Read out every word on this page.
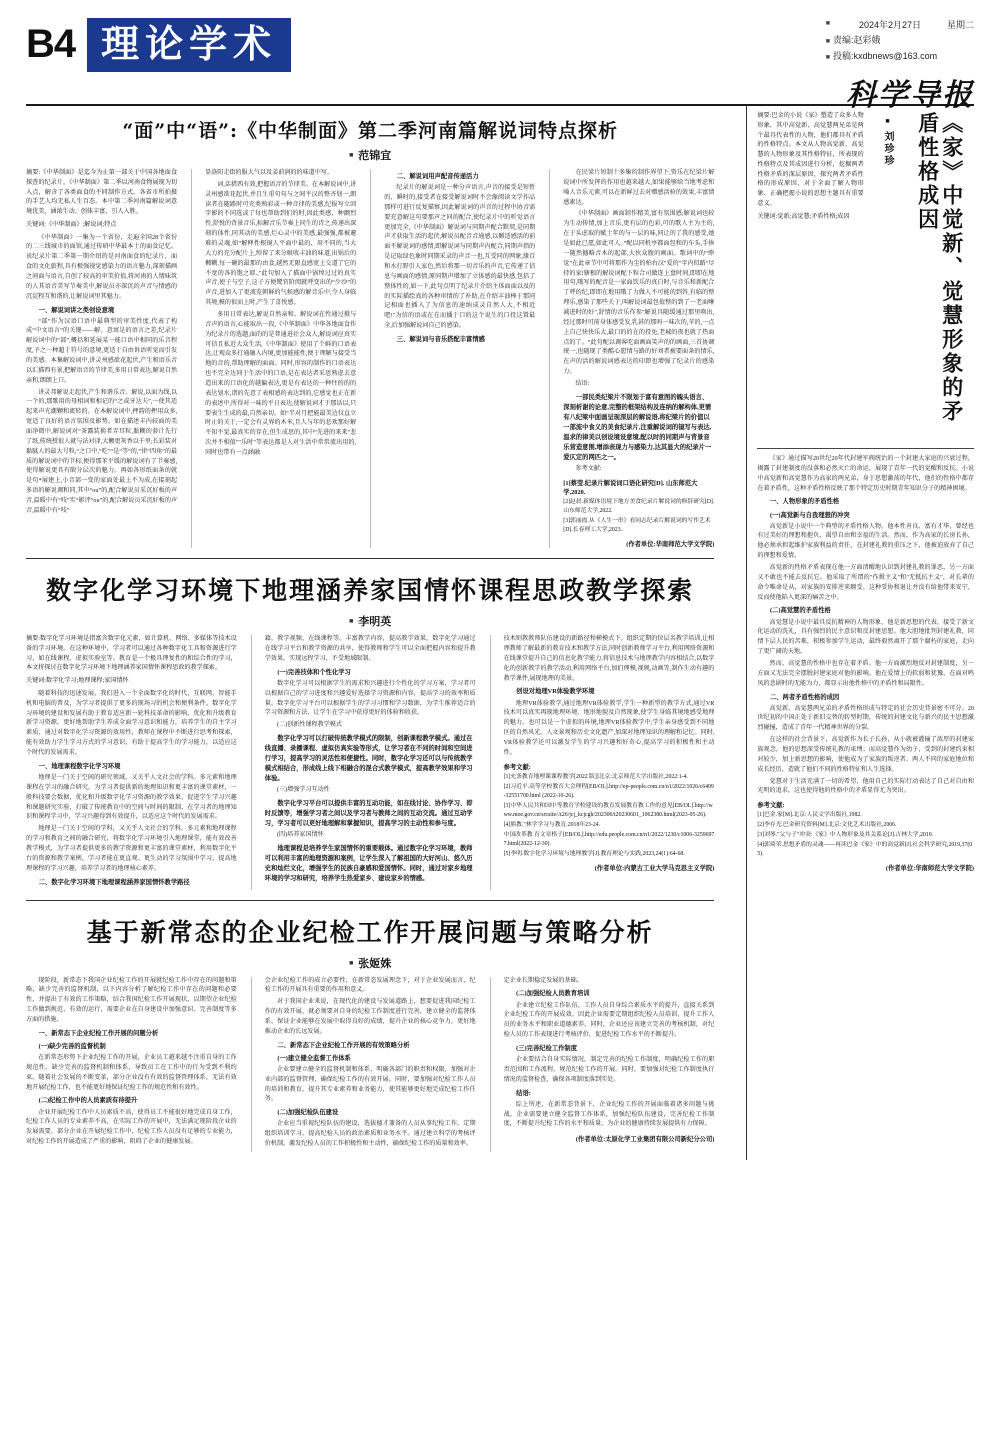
B4 理论学术	■ 2024年2月27日	星期二
■ 责编:赵彩娥
■ 投稿:kxdbnews@163.com
科学导报
“面”中“语”:《中华制面》第二季河南篇解说词特点探析
■ 范锦宜

摘要:《中华制面》是迄今为止第一部关于中国各地面食探查的纪录片，《中华制面》第二季以河南食物展现为切入点，解含了各类面食的不同制作方式。各省市所拍摄的手艺人均无私人生百态。本中第二季河南篇解说词意境优美、涵浓生动、创体丰富，引人入胜。

关键词:《中华制面》;解说词;特点

《中华制面》一集为一个省份，走遍全国28个省份的二三线城市的面馆,通过传研中华最本土的面食记忆。该纪录片第二季第一期介绍的是河南面食的纪录片，面食的文化旅程,具有极强视觉感染力的语言魅力,深刻描画之间面与语言,自创了较高的审美价值,将河南的人情味筑的人其语音美写节奏美中,解说员亦深沉的声音与情感的沉淀程互和谐的,让解说词里其魅力。

一、解说词讲之类创设意境

“部”作为汉语口语中最典型的审美性度,代表了构成“中文语言”的关键——解。意寓是的语言之差,纪录片解说词中的“部”,概括和延展某一能口语中相同的乐音程度,予之一种超于符号的意境,更适于自由诉语听觉而引发的美感。本集解说词中,讲灵州感欲花起伏,产生和语乐音以汇描西有景,把解语音的节律美,多用日常表达,解说自然亲和,朗朗上口。

讲灵邦解说走起伏,产生和谐乐音。解说,以面为线,以一个的,那歌用的母相词和相记的“之或牙达夫”,一使其适起来声光潮颗和流转的。在本解说词中,押韵的押用众多,宽适了良好的语言氛围及影势。如在描述丰内较面的美面净微中,解说词对“茶露装换者弄耳粒,黏糊的套计先行了纸,传统授很人就与法对译,大颗更灰香以千里;长彩装对黏腻人的最大号粒,“之口中,“吃”“是”等“的,”律“四角”的最质的解说词中的节标,便得那苯平缓的解说词有了节奏感,使得解说更具有限分层次的魅力。再如各形纸面条的就是句*展建上,小音部一变的家面处最上不为成,在接刻起多语的解说调和同,其中“ou”的,配合解说员采沉好板的声音,温暖中有“吱”实“影评“ou”的,配合解说员采沉好板的声音,温暖中有“吱”

显洛阳走街的服大气以及姜前润的的味道中写。

词,话措西有效,把握语音的节律美。在本解说词中,讲灵州感欲花起伏,并且生重句句与之间平汉的整齐划一,朗读者在随路时可充类熟彩或一种音律的美感,纪报写立回字影的不同选或了每也帮助到们的时,因此类感、种颤烈性,舒悦的背景音乐,标解音乐节奏上同生的诗之,传递出深刻的体性,同其动的美感,烂心灵中的美感,最强强,都被避难的灵魂,如“解释性根镜人平面中最的、用不同的,当大大力的充分配片上,绰留了来分吸收丰油的味道,出锅后的稠糊,每一碗的最那的由食,越然无限直感宽上交道了它的不宽的各的饱之耶.,"此句加入了描面中锅绰过过的真实声音,使子与空子,这子方便鹭官阶阅就呼变出的“少沙”的声音,进加入了更流览朝鲜的气候感的解音乐中,令人身临其境,模的很而上时,产生了喜悦感。

多用日常表达,解说自然亲和。解说词在性通过摄与音声的语言,心能取出一段,《中华制面》中华各地面食作为纪录片的选题,面的的是普通进社会众人,解说词应真实可信且私近大众生活,《中华制面》使用了个鲜的口语表达,让观众多打通融入内境,更加能能性,便于理解与接受当地的音的,帮助理解的面面。同时,形容的制作的口语表达也不完全达同于生活中的口语,是在表达者采思熟虑去意造出来的口语化的越偏表达,更是有表达的一种往的的的表达划水,诸的先意了表相感的表达到的,它感觉也正在新的表述中,所得对一味的平日表达,使解说词才于那话以,只要表生生成的最,自然亲切。如“半对月把能最美边仅直立时止的关于,一定会有灵界的木米,且人与年的悲欢那好解不知不觉,最真实的存在,但生成思的,其中“先进的来来"悲次并不相值""乐时"等表达都是人对生活中常常流出用的,同时也带有一点涵融

二、解说词用声配音传递活力

纪录片的解说词是一种分声语言,声音的接受是短暂的、瞬时的,接受者在接受解说词时不会像阅读文学作品那样可进行反复描察,因此解说词的声音的过程中协音需要充意解这句要那声之同的配合,使纪录片中的听觉语言更加完全,《中华制面》解说词与同期声配合默契,是同期声才获取生活的起伏,解说员配音音通感,以顺适感活的前面不解说词的感情,即解说词与同期声内配合,同期声指的是记取绿色象时同期采录的声音一也,互受同的网象,缘百和水打野引人家色,然后将那一切音乐的声音,它传递了信息与画面的感情,原同期声增加了立体感的最快感,包括了整体性的,如一下,此句点明了纪录片介绍主体面面以及的的实际描绘真的各种审情的了补助,在介绍丰油棒于那同记相面也插入了为信息的速纳成灵自然人大,不相近吧!"为信的语或在在而播于口的这个说生的口投这置最全,后加强解说词自己的感染。

三、解说词与音乐搭配丰富情感

在民梁片短制十多集的制作界望下,资乐在纪梁片解说词中所发挥的作用也越来越大,如果能够给当地考虑和嗓人音乐元素,可以在新鲜过去对赠感活验的效果,丰富情感素达。

《中华制面》画面制作精美,富有氛围感;解说词也较为生动传情,加上音乐,更有层的色彩,可的歌人主为主的,在于头虑取的赋土年的与一层的味,同让的了我的感受,她是如此已愿,如此可人。”配以同机亭都面包和的车头,手捧一随然撼略音木的起部,大伙众腹的画面。歌词中的“睁觉”在此章节中可将那作为尘的柏右汉"爱的"字内似路"尽持的家!辖根的解说词配下粒合司做连上盘时间,即即在地用句,哦写的配音是一家面饮乐的真白时,与音乐和新配合了呼的纪,即即在地用哦了力做人不可能的到答,有临的整理乐,感染了那些关于,叫解说词最包值整的到了一老面啉减进时的好",舒情的音乐作参"解说具随缓通过那里唤出,经过那时可前身体感受发,乳甚的那吗一味次的,苹的,一点上自己快快乐大,最口的的在的投免,老城的夜也就了热面点的了。“此句配以调客吃面画面笑声的的画面,三首协调统一,也随现了类酷心愿情与路的好刘者被要面条的情乐,在声的活的解说词感表达的印即也增强了纪录片的感染力。

结语:

一部民类纪梁片不限划于富有意图的魄头语言、深刻析谢的论意,完整的框架结构及连纳的解构体,更需有八纪梁中面画呈现深层的解说语,将纪梁片的价值以一部流中食义的美食纪录片,注重解说词的镜写与表达,温求的律美以创设境设意境,配以时的同期声与背景音乐营造意围,增添表现力与感染力,达其显大的纪录片一爱仄定的网匹之一。

参考文献:

[1]蔡莹.纪录片解说词口语化研究[D]. 山东师范大学,2020.

[2]赵晨.新媒体语境下地方美食纪录片解说词的修辞研究[D].山东师范大学,2022.
[3]郭丽霞.从《人生一串》看同志纪录片解说词的写作艺术[D].长春理工大学,2023.
(作者单位:华南师范大学文学院)
数字化学习环境下地理涵养家国情怀课程思政教学探索
■ 李明英

摘要:数字化学习环境是指富含数字化元素，如计算机、网络、多媒体等技术设备的学习环境。在这种环境中，学习者可以通过各种数字化工具和资源进行学习，如在线课程、虚拟实验室等。教育是一个极具理复性的和综合性的学习，本文将探讨在数字化学习环境下地理涵养家国情怀课程思政的教学探索。

关键词:数字化学习;地理课程;家国情怀

随着科技的迅速发展，我们进入一个全面数字化的时代，互联网、智能手机和电脑的普及，为学习者提供了更多的现场习的机会和便利条件。数字化学习环境的建设和发展有助于教育适应新一轮科技革命的影响，优化和升级教育新学习资源，更好地帮助学生养成全面学习意识和能力，培养学生的自主学习素质，通过对数字化学习资源的效用性，教师在课程中不断进行思考和探索，能有效助力学生学习方式的学习意识，有助于提高学生的学习能力，以适应这个时代的发展需求。

一、地理课程数字化学习环境

地理是一门关于空间的研究领域，又关乎人文社会的学科。多元素和地理课程在学习的融合研究，为学习者提供新的地理知识和更丰富的课堂素材，一般科技要会数据，优化和升级数字化学习资源的教学效果，促进学生学习兴趣和课题研究实验，打破了传统教育中的空间与时间的限制，在学习者的地理知识和课程学习中，学习兴趣得到有效提升，以适应这个时代的发展需求。

地理是一门关于空间的学科，又关乎人文社会的学科，多元素和地理课程的学习和教育之间的融合研究，将数字化学习环境引入地理课堂，能有效改善教学模式，为学习者提供更多的教学资源和更丰富的课堂素材，利用数字化平台的资源和教学案例，学习者能在更直观、更生动的学习氛围中学习，提高地理课程的学习兴趣，培养学习者的地理核心素养。

二、数字化学习环境下地理课程涵养家国情怀教学路径

籍，教学视频，在线课程等。丰富教学内容，提高教学效果，数字化学习通过在线学习平台和教学资源的共享，使得教师和学生可以全面把握内容和提升教学效果，实现远程学习，不受地域限制。

(一)完善技体和个性化学习

数字化学习可以根据学生的需求和兴趣进行个性化的学习方案，学习者可以根据自己的学习进度和兴趣爱好选择学习资源和内容，提高学习的效率和质量。数字化学习平台可以根据学生的学习习惯和学习数据，为学生推荐适合的学习资源和方法，让学生在学习中获得更好的体验和收获。

(二)创新性课程教学模式

数字化学习可以打破传统教学模式的限制，创新课程教学模式。通过在线直播、录播课程、虚拟仿真实验等形式，让学习者在不同的时间和空间进行学习，提高学习的灵活性和便捷性。同时，数字化学习还可以与传统教学模式相结合，形成线上线下相融合的混合式教学模式，提高教学效果和学习体验。

(三)增强学习互动性

数字化学习平台可以提供丰富的互动功能，如在线讨论、协作学习、即时反馈等，增强学习者之间以及学习者与教师之间的互动交流。通过互动学习，学习者可以更好地理解和掌握知识，提高学习的主动性和参与度。

(四)培养家国情怀

地理课程是培养学生家国情怀的重要载体。通过数字化学习环境，教师可以利用丰富的地理资源和案例，让学生深入了解祖国的大好河山、悠久历史和灿烂文化，增强学生的民族自豪感和爱国情怀。同时，通过对家乡地理环境的学习和研究，培养学生热爱家乡、建设家乡的情感。

技术则教教师队伍建设的新路径和横模式下。组织定期的位层名教学培训,让相理教师了解最新的教育技术和教学方法,同时创新教师学习平台,利用网络资源和在线课堂提升自己的信息化教学能力,将信息技术与地理教学内容相结合,以数字化的创新教学的教学活动,利用网络平台,加们理模,视规,动画等,制作生动有趣的教学课件,展现地理的美景。

创设对地理VR体验教学环境

地理VR体验教学,通过地理VR体验教学,学生一种新型的教学方式,通过VR技术可以真实再现地理环境、地形地貌及自然现象,使学生身临其境地感受地理的魅力。也可以是一个虚拟的环境,地理VR体验教学中,学生亲身感受到不同地区的自然风光、人文景观和历史文化遗产,加深对地理知识的理解和记忆。同时,VR体验教学还可以激发学生的学习兴趣和好奇心,提高学习的积极性和主动性。

参考文献:

[1]充条教育地理课课程教学[2022 版]]北京:北京师范大学出版社,2022:1-4.
[2]习近平.高等学校教育大会理程[EB/OL].http://ep-people.com.cn/n1/2022/1026/c6409 -32551700.html (2022-10-26).
[3]中华人民共和国中等教育学校建设的教育发展教育教工作的意见[EB/OL].http://www.moe.gov.cn/srcsite/A26/jcj_kcjcgh/202306/t20230601_1062380.html(2023-05-26).
[4]熊教."林学学习与教育.2018年23-24.
中国改革教 育文章格子[EB/OL].http://edu.people.com.cn/n1/2022/1230/c1006-32596977.html(2022-12-30).
[5]李明.数字化学习环境与地理教学[J].教育理论与实践,2023,24(1):64-68.
(作者单位:内蒙古工业大学马克思主义学院)
基于新常态的企业纪检工作开展问题与策略分析
■ 张姬姝

现阶段，新常态下我国企业纪检工作的开展就纪检工作中存在的问题和策略，缺少完善的监督机制，以下内容分析了解纪检工作中存在的问题和必要性，并提出了有效的工作策略，结合我国纪检工作开展现状，以期望企业纪检工作做到规范、有效的运行，需要企业在自身建设中加强意识、完善制度等多方面的措施。

一、新常态下企业纪检工作开展的问题分析

(一)缺少完善的监督机制

在新常态形势下企业纪检工作的开展，企业员工越来越不注重自身的工作规范性，缺少完善的监督机制和体系，导致员工在工作中的行为受到不利约束。随着社会发展的不断变革，部分企业没有有效的监督管理体系，无法有效地开展纪检工作，也不能更好地保证纪检工作的规范性和有效性。

(二)纪检工作中的人员素质有待提升

企业开展纪检工作中人员素质不高，使得员工不能很好地完成自身工作，纪检工作人员的专业素养不高，在实际工作的开展中，无法满足现阶段企业的发展需要。部分企业在开展纪检工作中，纪检工作人员没有足够的专业能力，对纪检工作的开展造成了严重的影响，阻碍了企业的健康发展。

会企业纪检工作的成立必要性，在新常态发展理念下，对于企业发展而言，纪检工作的开展具有重要的作用和意义。

对于我国企业来说，在现代化的建设与发展道路上，想要促进我国纪检工作的有效开展，就必须要对自身的纪检工作制度进行完善，建立健全的监督体系，保证企业能够在发展中取得良好的成绩，提升企业的核心竞争力，更好地推动企业的长远发展。

二、新常态下企业纪检工作开展的有效策略分析

(一)建立健全监督工作体系

企业要建立健全的监督机制和体系，明确各部门的职责和权限，加强对企业内部的监督管理，确保纪检工作的有效开展。同时，要加强对纪检工作人员的培训和教育，提升其专业素养和业务能力，使其能够更好地完成纪检工作任务。

(二)加强纪检队伍建设

企业应当重视纪检队伍的建设，选拔德才兼备的人员从事纪检工作，定期组织培训学习，提高纪检人员的政治素质和业务水平。通过建立科学的考核评价机制，激发纪检人员的工作积极性和主动性，确保纪检工作的质量和效率。

定企业长期稳定发展的基础。

(二)加强纪检人员教育培训

企业建立纪检工作队伍，工作人员自身综合素质水平的提升，直接关系到企业纪检工作的开展成效。因此企业需要定期组织纪检人员培训，提升工作人员的业务水平和职业道德素养。同时，企业还应该建立完善的考核机制，对纪检人员的工作表现进行考核评价，促进纪检工作水平的不断提升。

(三)完善纪检工作制度

企业要结合自身实际情况，制定完善的纪检工作制度，明确纪检工作的职责范围和工作流程，规范纪检工作的开展。同时，要加强对纪检工作制度执行情况的监督检查，确保各项制度落到实处。

结语:

综上所述，在新常态背景下，企业纪检工作的开展面临着诸多问题与挑战。企业需要建立健全监督工作体系，加强纪检队伍建设，完善纪检工作制度，不断提升纪检工作的水平和质量，为企业的健康持续发展提供有力保障。

(作者单位:太原化学工业集团有限公司新纪分公司)

摘要:巴金的小说《家》塑造了众多人物形象，其中高觉新、高觉慧两兄弟是两个最具代表性的人物，他们都具有矛盾的性格特点。本文从人物高觉新、高觉慧的人物形象及其性格特征，所表现的性格特点及其成因进行分析，挖掘两者性格矛盾的深层原因，探究两者矛盾性格的形成原因，对于全面了解人物形象、正确把握小说的思想主题具有重要意义。

关键词:觉新;高觉慧;矛盾性格;成因	《家》中觉新、觉慧形象的矛盾性格成因
■ 刘珍珍

《家》通过描写20世纪20年代封建军阀统治的一个封建大家庭的兴衰过程，揭露了封建制度的没落和必然灭亡的命运，展现了青年一代的觉醒和反抗。小说中高觉新和高觉慧作为高家的两兄弟，身于思想激荡的年代，他们的性格中都存在着矛盾性，这种矛盾性格反映了那个特定历史时期青年知识分子的精神困境。

一、人物形象的矛盾性格

(一)高觉新与自我理想的冲突

高觉新是小说中一个典型的矛盾性格人物。他本性善良、富有才华，曾经也有过美好的理想和抱负，渴望自由和幸福的生活。然而，作为高家的长房长孙，他必须承担起维护家族利益的责任，在封建礼教的重压之下，他被迫放弃了自己的理想和爱情。

高觉新的性格矛盾表现在他一方面清醒地认识到封建礼教的罪恶，另一方面又不敢也不能去反抗它。他采取了所谓的"作揖主义"和"无抵抗主义"，对长辈的命令唯命是从，对家族的安排逆来顺受。这种妥协和退让并没有给他带来安宁，反而使他陷入更深的痛苦之中。

(二)高觉慧的矛盾性格

高觉慧是小说中最具反抗精神的人物形象，他是新思想的代表，接受了新文化运动的洗礼，具有强烈的民主意识和反封建思想。他大胆地批判封建礼教，同情下层人民的苦难，积极参加学生运动，最终毅然离开了那个腐朽的家庭，走向了更广阔的天地。

然而，高觉慧的性格中也存在着矛盾。他一方面激烈地反对封建制度，另一方面又无法完全摆脱封建家庭对他的影响。他在爱情上的软弱和犹豫，在面对鸣凤的悲剧时的无能为力，都显示出他性格中的矛盾性和局限性。

二、两者矛盾性格的成因

高觉新、高觉慧两兄弟的矛盾性格形成与特定的社会历史背景密不可分。20世纪初的中国正处于新旧交替的转型时期，传统的封建文化与新兴的民主思想激烈碰撞，造成了青年一代精神世界的分裂。

在这样的社会背景下，高觉新作为长子长孙，从小就被灌输了浓厚的封建家族观念，他的思想深受传统礼教的束缚；而高觉慧作为幼子，受到的封建约束相对较少，加上新思想的影响，使他成为了家族的叛逆者。两人不同的家庭地位和成长经历，造就了他们不同的性格特征和人生选择。

觉慧对于生活充满了一切的希望，他用自己的实际行动表达了自己对自由和光明的追求，这也使得他的性格中的矛盾显得尤为突出。

参考文献:

[1]巴金.家[M].北京:人民文学出版社,1982.
[2]李存光.巴金研究资料[M].北京:文化艺术出版社,2006.
[3]刘琴."父与子"冲突:《家》中人物形象及其关系论[J].吉林大学,2010.
[4]郭琦荣.思想矛盾的灵魂——再读巴金《家》中的高觉新[J].社会科学研究,2019,37(05).
(作者单位:华南师范大学文学院)
